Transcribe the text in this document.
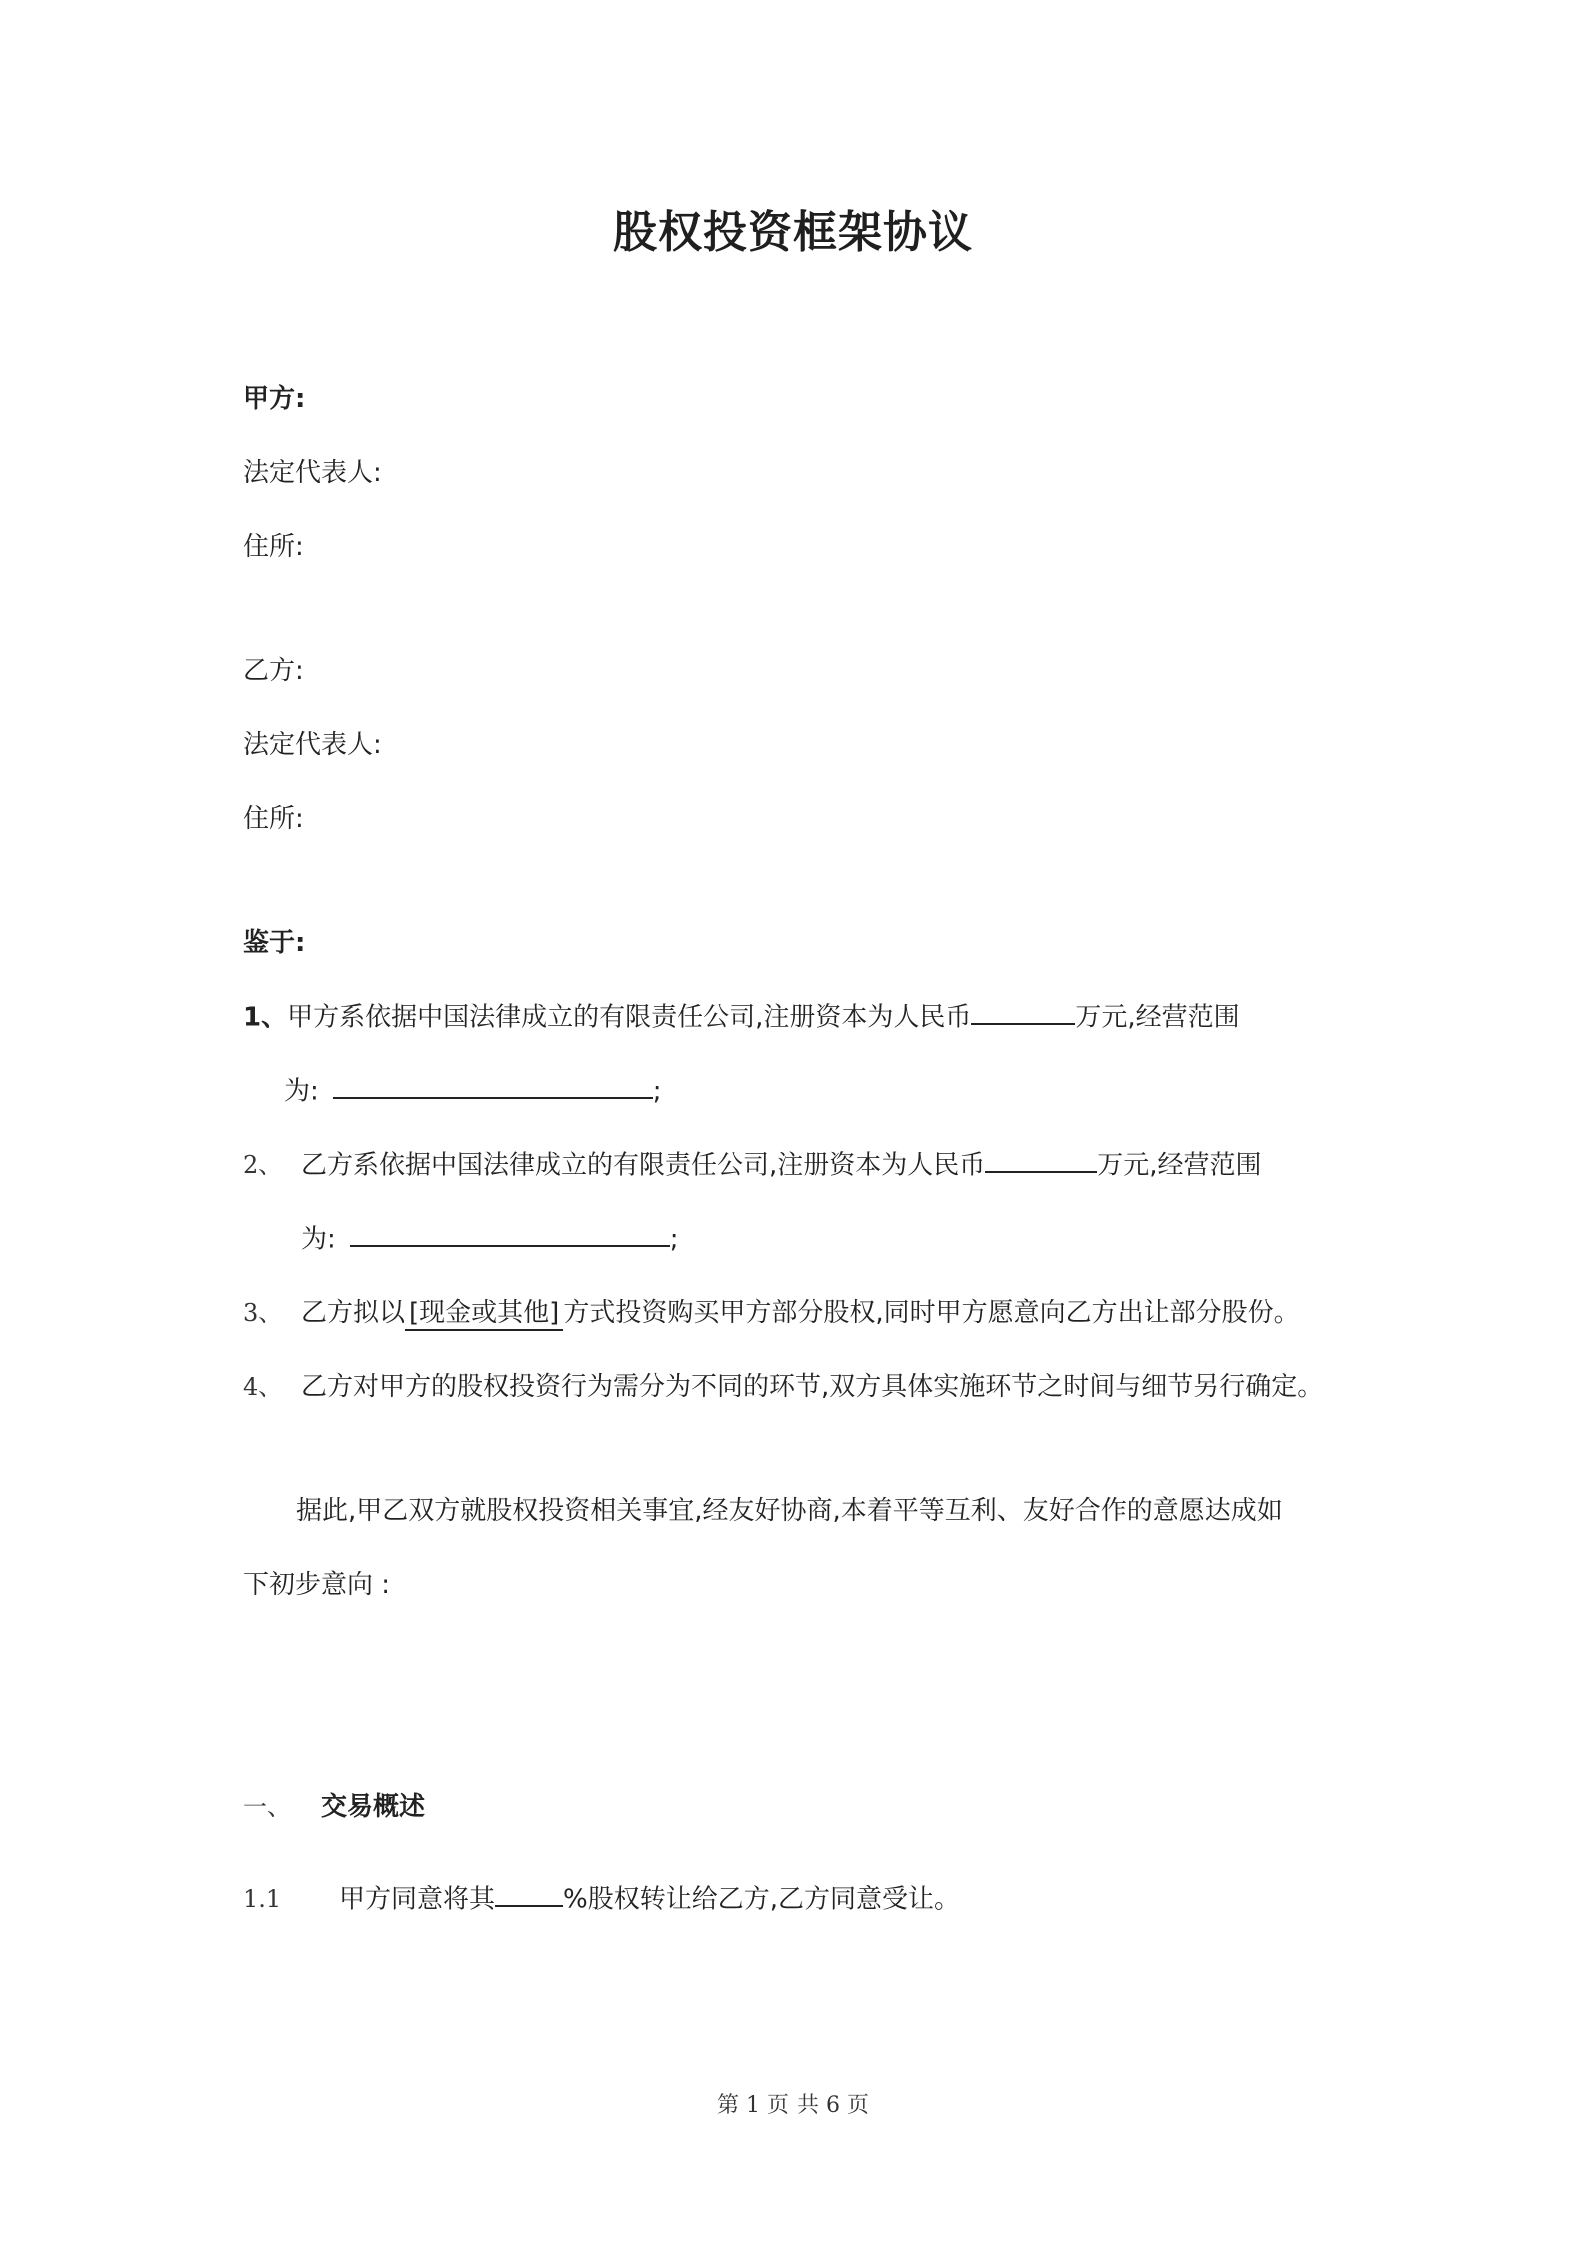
股权投资框架协议
甲方:
法定代表人:
住所:
乙方:
法定代表人:
住所:
鉴于:
1、甲方系依据中国法律成立的有限责任公司,注册资本为人民币	万元,经营范围
为:	;
2、 乙方系依据中国法律成立的有限责任公司,注册资本为人民币	万元,经营范围
为:	;
3、 乙方拟以 [现金或其他] 方式投资购买甲方部分股权,同时甲方愿意向乙方出让部分股份。
4、 乙方对甲方的股权投资行为需分为不同的环节,双方具体实施环节之时间与细节另行确定。
据此,甲乙双方就股权投资相关事宜,经友好协商,本着平等互利、友好合作的意愿达成如
下初步意向 :
一、 交易概述
1.1 甲方同意将其	%股权转让给乙方,乙方同意受让。
第 1 页 共 6 页
